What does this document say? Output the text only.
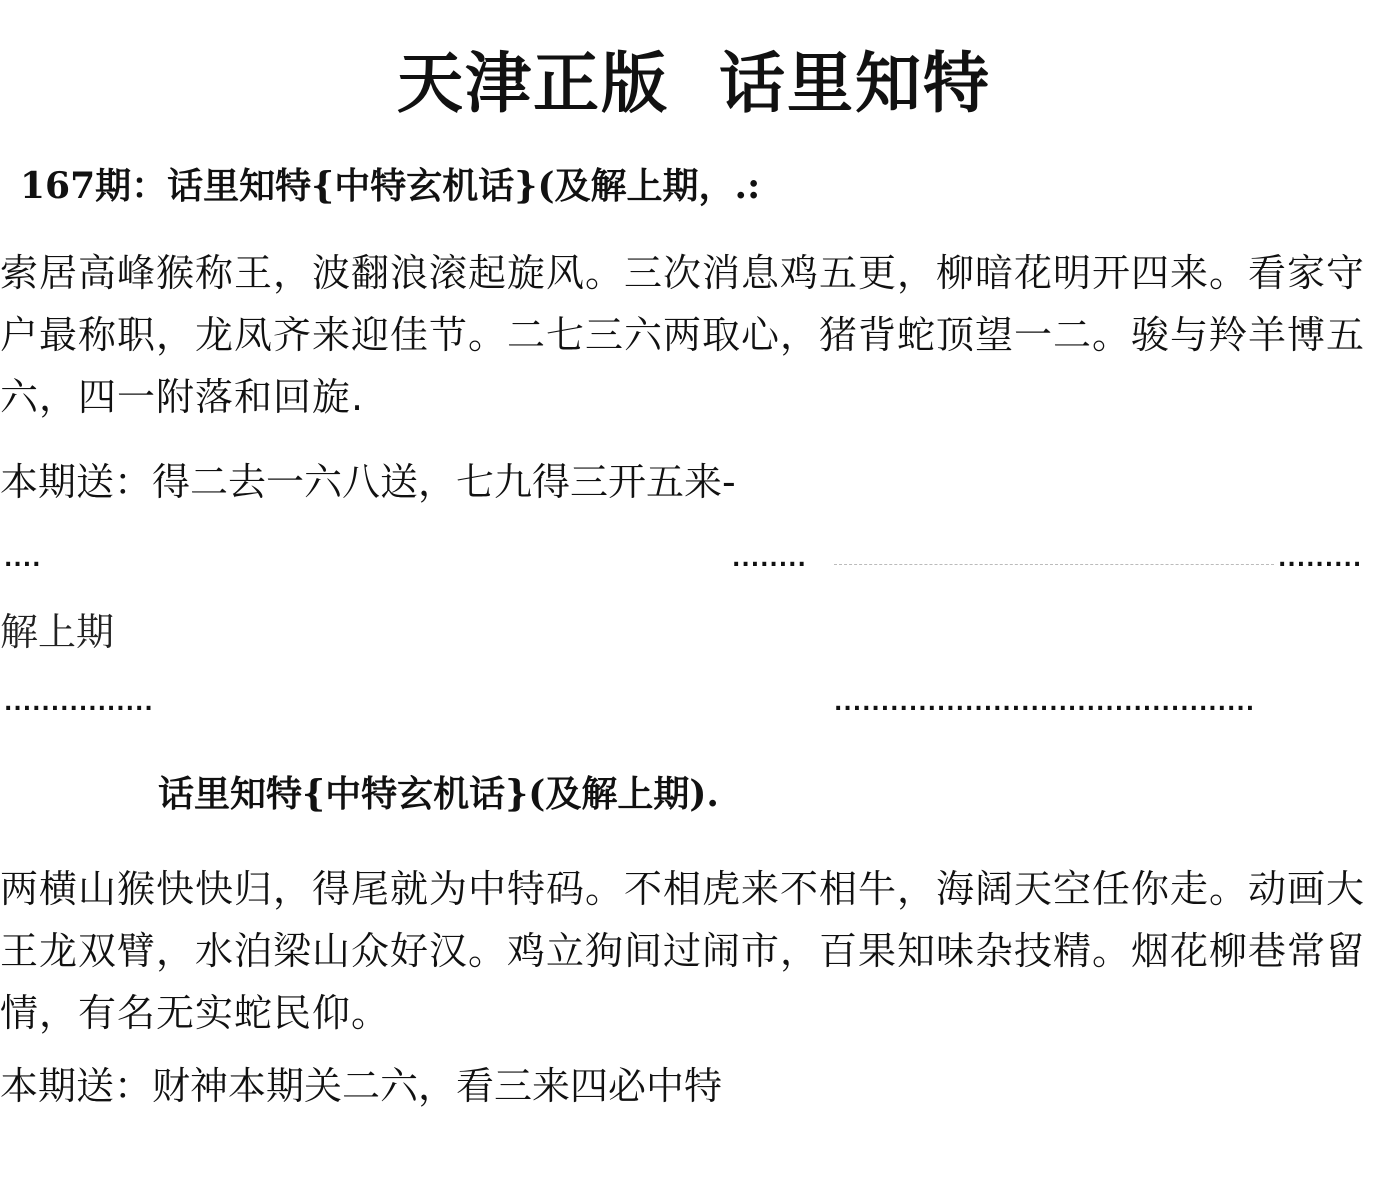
天津正版  话里知特
167期：话里知特{中特玄机话}(及解上期，.:

索居高峰猴称王，波翻浪滚起旋风。三次消息鸡五更，柳暗花明开四来。看家守户最称职，龙凤齐来迎佳节。二七三六两取心，猪背蛇顶望一二。骏与羚羊博五六，四一附落和回旋.

本期送：得二去一六八送，七九得三开五来-
....	........	.........
解上期
................	.............................................
话里知特{中特玄机话}(及解上期).

两横山猴快快归，得尾就为中特码。不相虎来不相牛，海阔天空任你走。动画大王龙双臂，水泊梁山众好汉。鸡立狗间过闹市，百果知味杂技精。烟花柳巷常留情，有名无实蛇民仰。

本期送：财神本期关二六，看三来四必中特
